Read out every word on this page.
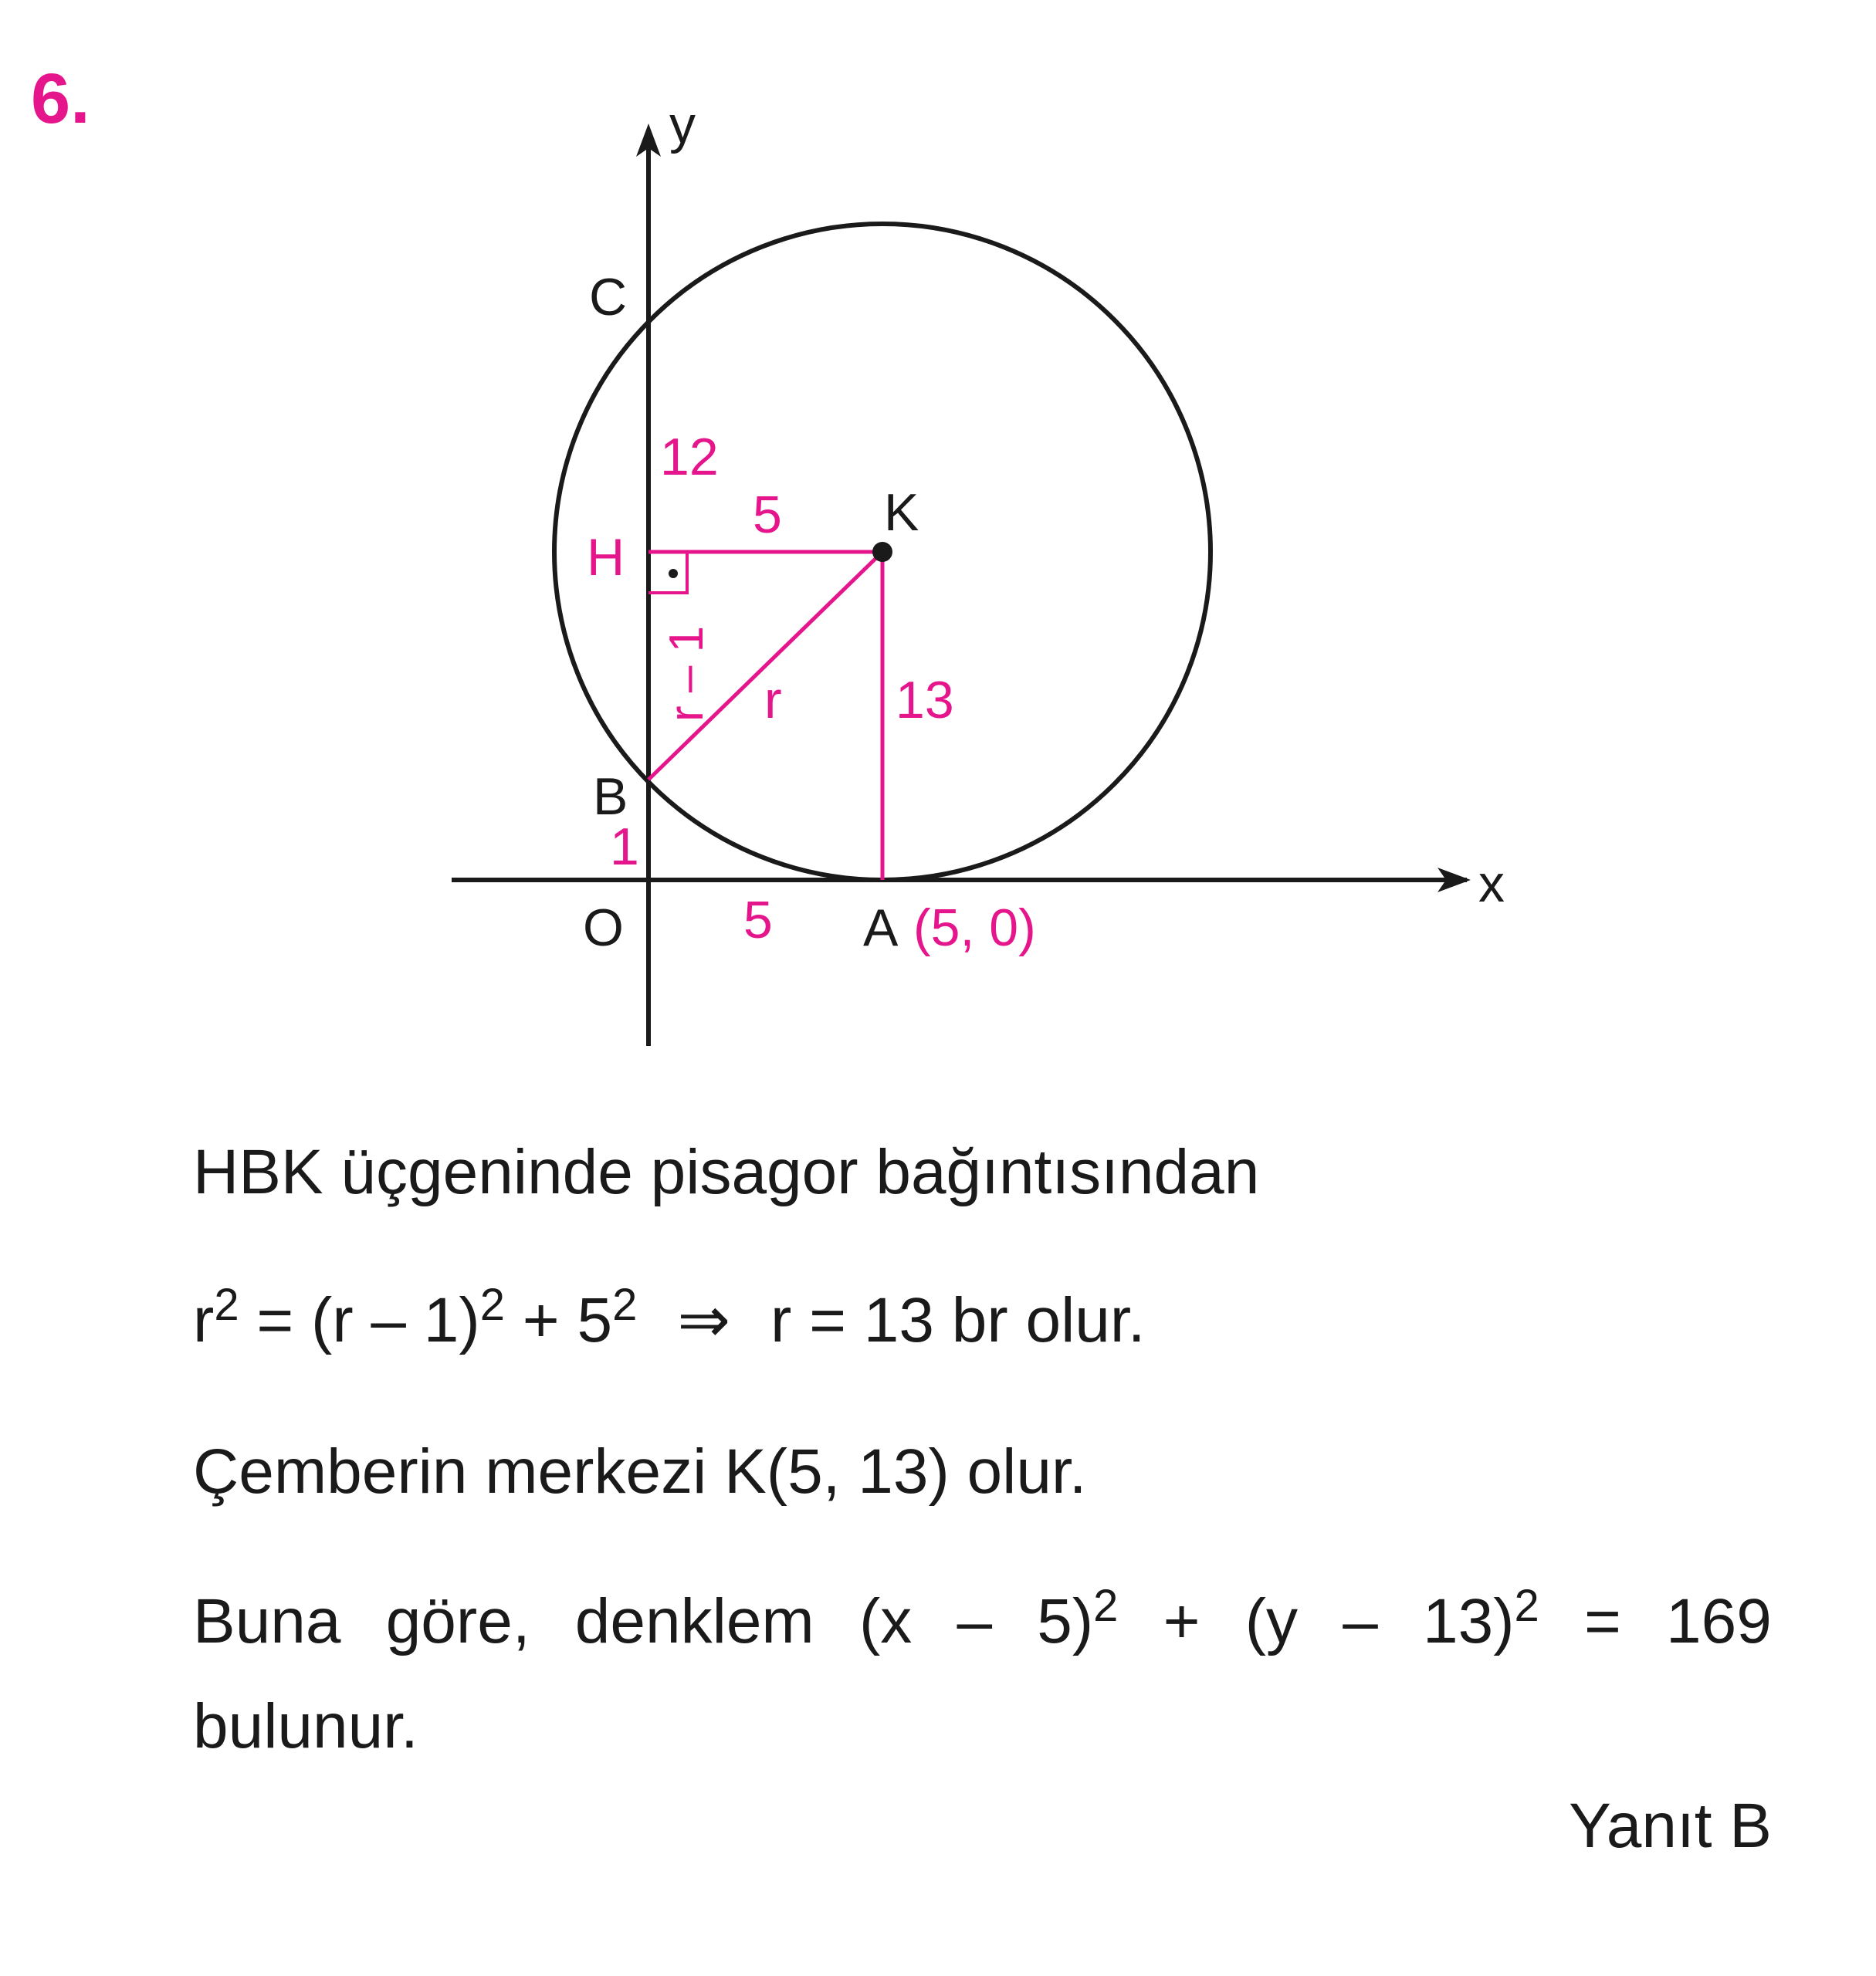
6.
x
y
C
H
K
B
O	A (5, 0)
12
5
r – 1 r 13
1
5
HBK üçgeninde pisagor bağıntısından
$r^2 = (r - 1)^2 + 5^2$ ⇒ r = 13 br olur.
Çemberin merkezi K(5, 13) olur.
Buna göre, denklem (x – 5)$^2$ + (y – 13)$^2$ = 169
bulunur.
Yanıt B
